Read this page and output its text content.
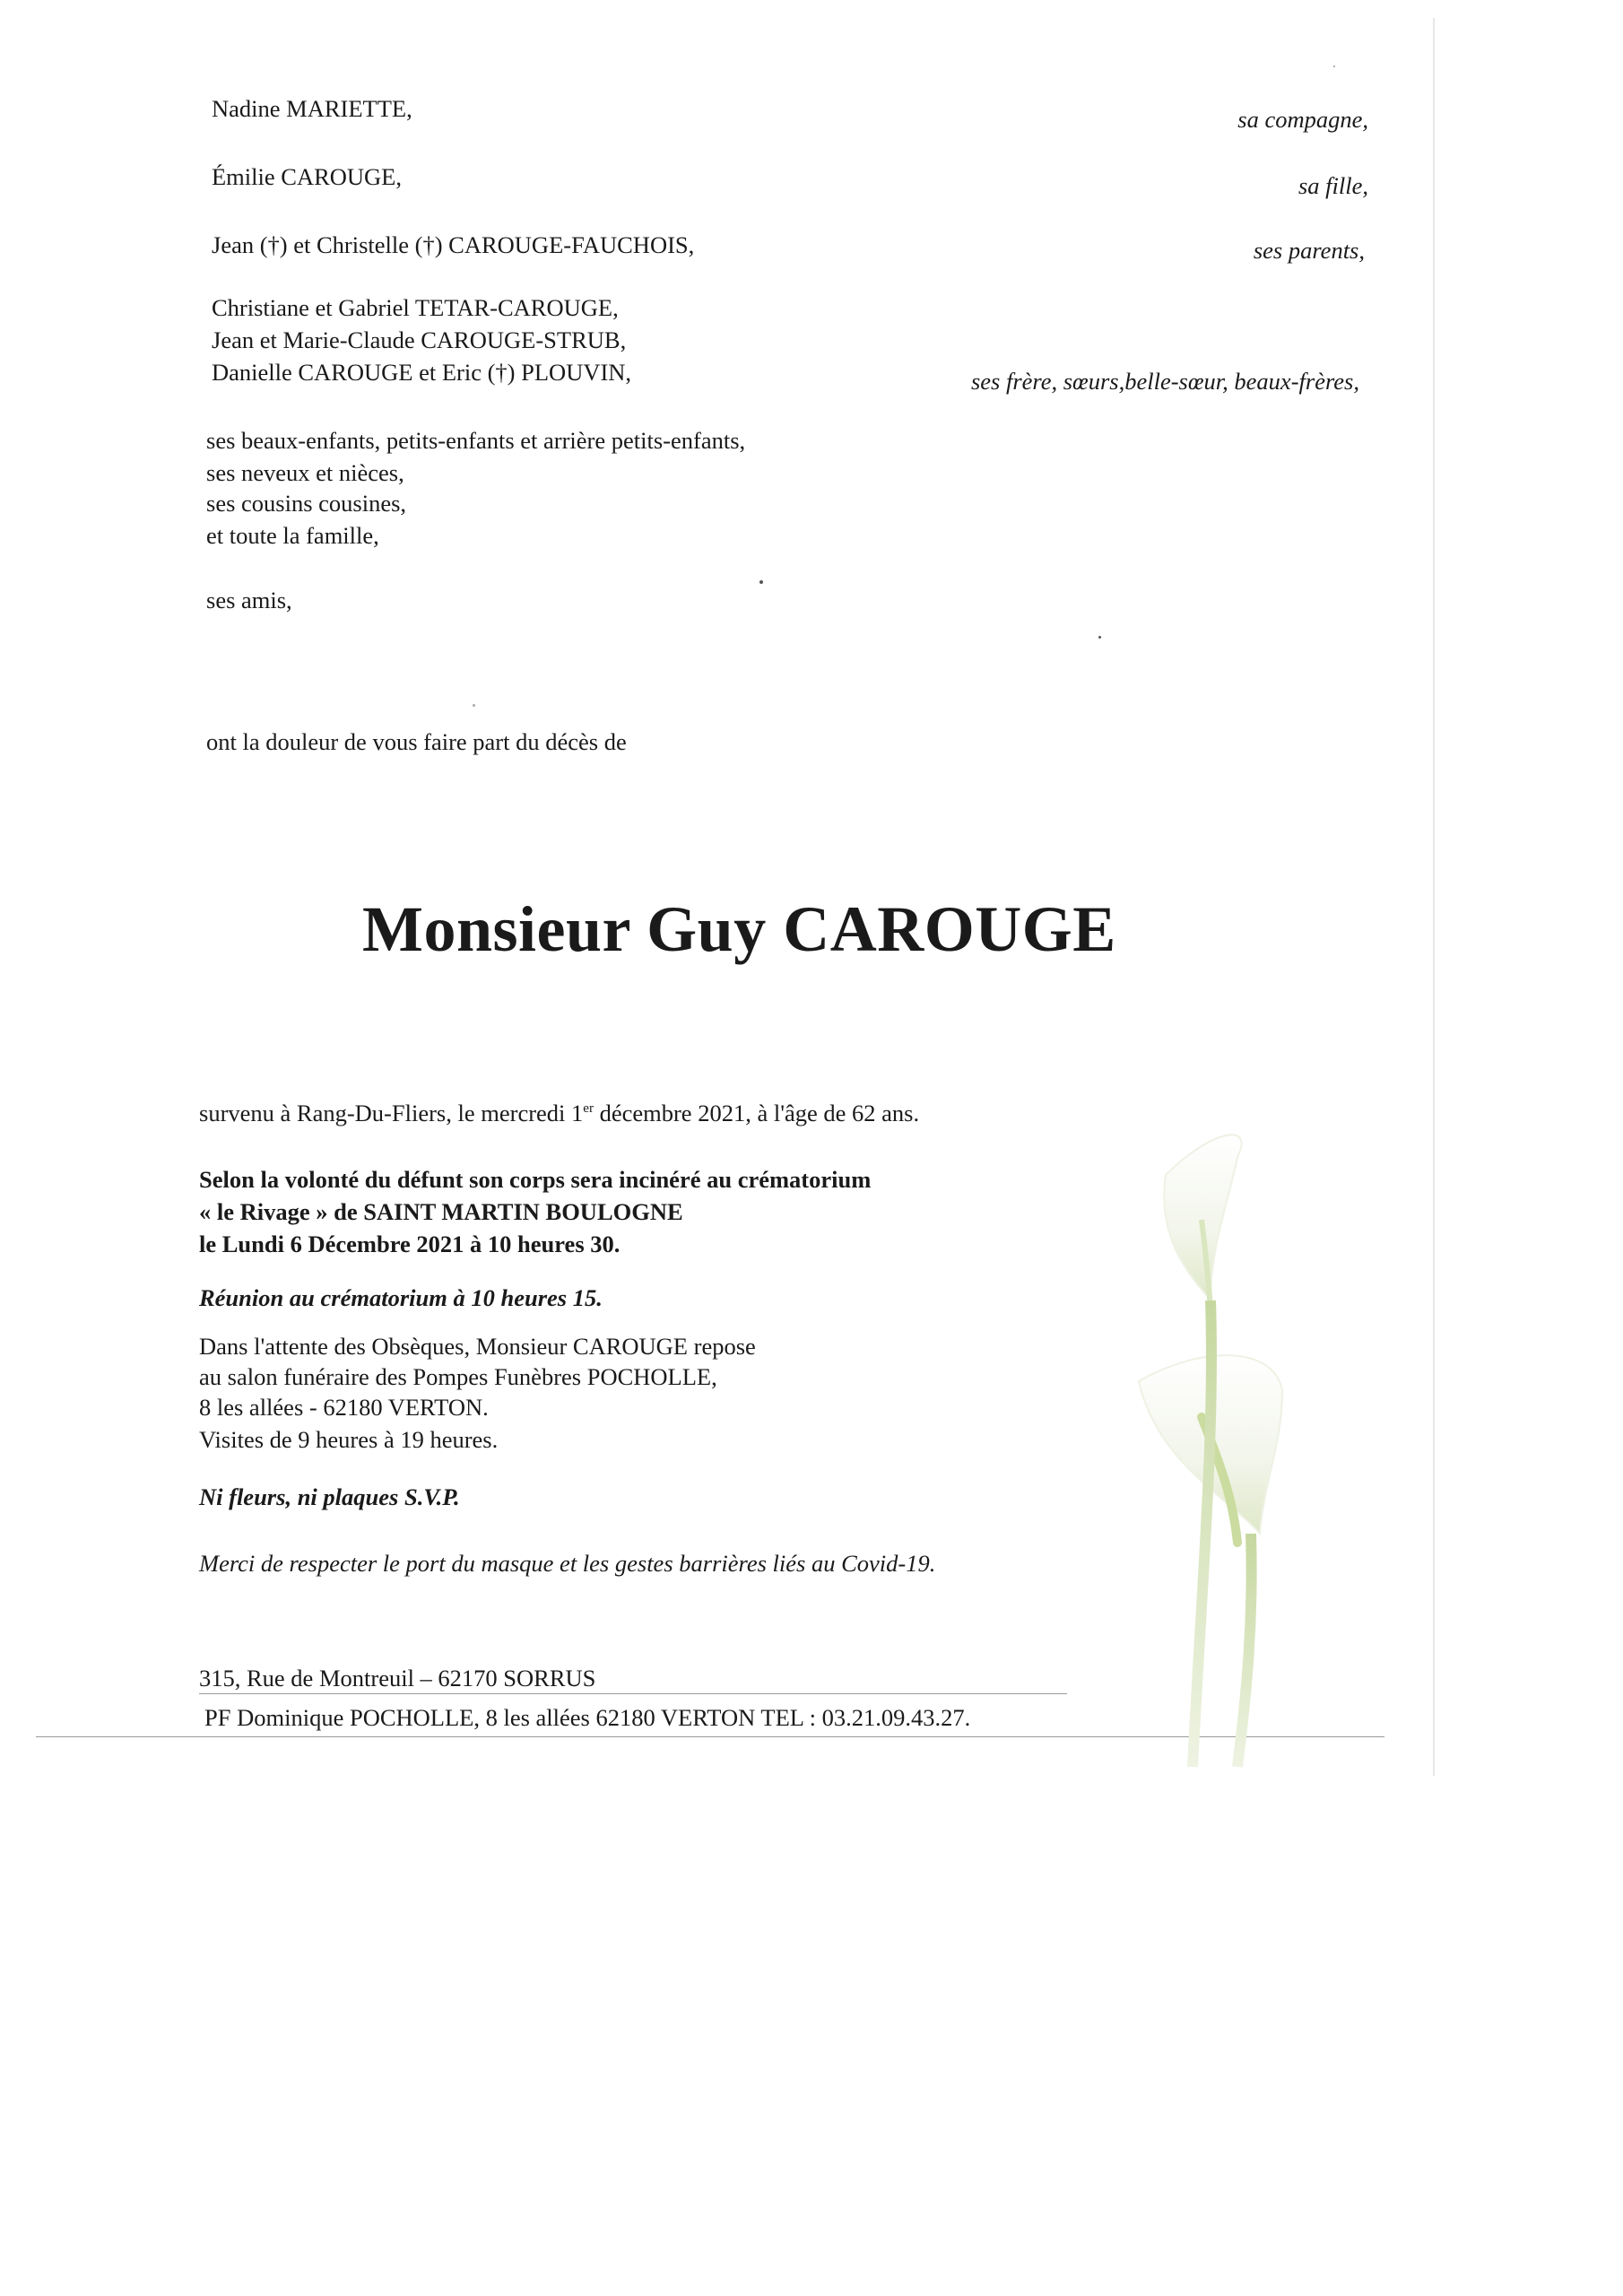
Nadine MARIETTE,	sa compagne,
Émilie CAROUGE,	sa fille,
Jean (†) et Christelle (†) CAROUGE-FAUCHOIS,	ses parents,
Christiane et Gabriel TETAR-CAROUGE,
Jean et Marie-Claude CAROUGE-STRUB,
Danielle CAROUGE et Eric (†) PLOUVIN,	ses frère, sœurs,belle-sœur, beaux-frères,
ses beaux-enfants, petits-enfants et arrière petits-enfants,
ses neveux et nièces,
ses cousins cousines,
et toute la famille,
ses amis,
ont la douleur de vous faire part du décès de
Monsieur Guy CAROUGE
survenu à Rang-Du-Fliers, le mercredi 1er décembre 2021, à l'âge de 62 ans.
Selon la volonté du défunt son corps sera inciné​ré au crématorium
« le Rivage » de SAINT MARTIN BOULOGNE
le Lundi 6 Décembre 2021 à 10 heures 30.
Réunion au crématorium à 10 heures 15.
Dans l'attente des Obsèques, Monsieur CAROUGE repose
au salon funéraire des Pompes Funèbres POCHOLLE,
8 les allées - 62180 VERTON.
Visites de 9 heures à 19 heures.
Ni fleurs, ni plaques S.V.P.
Merci de respecter le port du masque et les gestes barrières liés au Covid-19.
315, Rue de Montreuil – 62170 SORRUS
PF Dominique POCHOLLE, 8 les allées 62180 VERTON TEL : 03.21.09.43.27.
